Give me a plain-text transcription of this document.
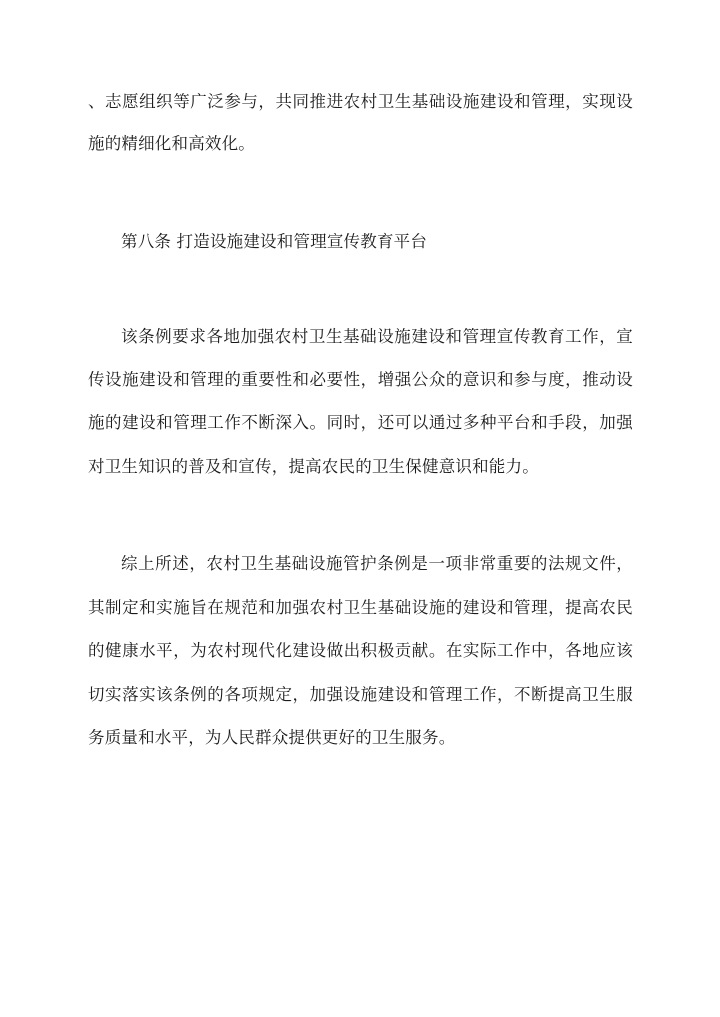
、志愿组织等广泛参与，共同推进农村卫生基础设施建设和管理，实现设
施的精细化和高效化。
第八条 打造设施建设和管理宣传教育平台
该条例要求各地加强农村卫生基础设施建设和管理宣传教育工作，宣
传设施建设和管理的重要性和必要性，增强公众的意识和参与度，推动设
施的建设和管理工作不断深入。同时，还可以通过多种平台和手段，加强
对卫生知识的普及和宣传，提高农民的卫生保健意识和能力。
综上所述，农村卫生基础设施管护条例是一项非常重要的法规文件，
其制定和实施旨在规范和加强农村卫生基础设施的建设和管理，提高农民
的健康水平，为农村现代化建设做出积极贡献。在实际工作中，各地应该
切实落实该条例的各项规定，加强设施建设和管理工作，不断提高卫生服
务质量和水平，为人民群众提供更好的卫生服务。
